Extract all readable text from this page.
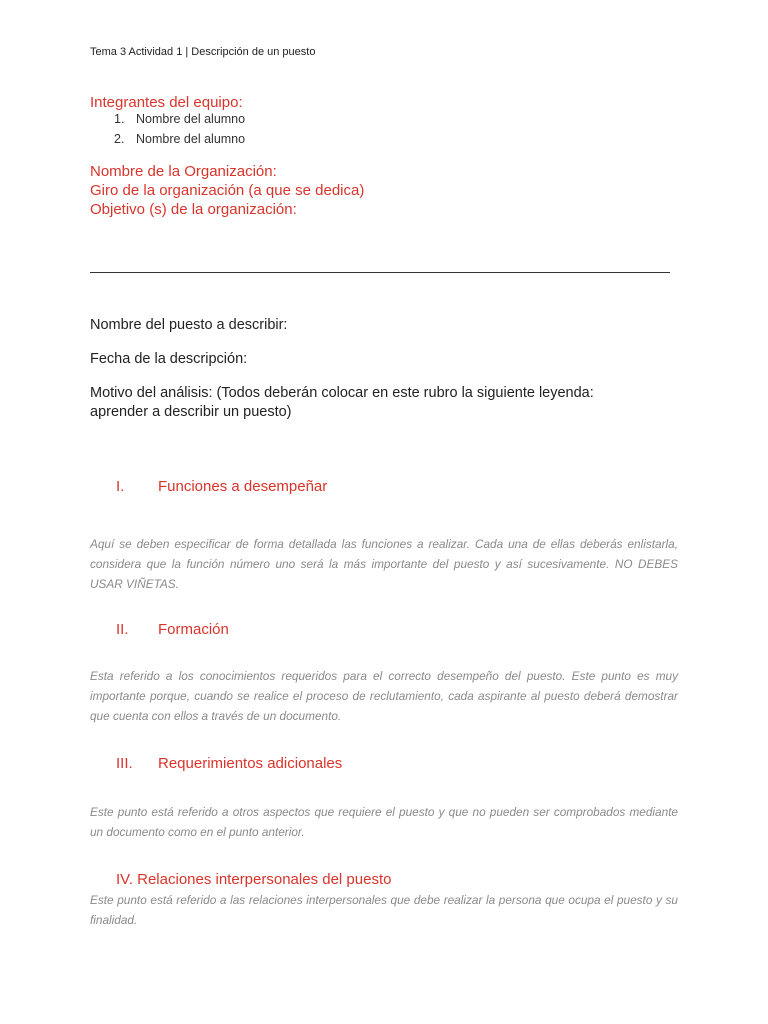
Tema 3 Actividad 1 | Descripción de un puesto
Integrantes del equipo:
1. Nombre del alumno
2. Nombre del alumno
Nombre de la Organización:
Giro de la organización (a que se dedica)
Objetivo (s) de la organización:
Nombre del puesto a describir:
Fecha de la descripción:
Motivo del análisis: (Todos deberán colocar en este rubro la siguiente leyenda:
aprender a describir un puesto)
I. Funciones a desempeñar
Aquí se deben especificar de forma detallada las funciones a realizar. Cada una de ellas deberás enlistarla, considera que la función número uno será la más importante del puesto y así sucesivamente. NO DEBES USAR VIÑETAS.
II. Formación
Esta referido a los conocimientos requeridos para el correcto desempeño del puesto. Este punto es muy importante porque, cuando se realice el proceso de reclutamiento, cada aspirante al puesto deberá demostrar que cuenta con ellos a través de un documento.
III. Requerimientos adicionales
Este punto está referido a otros aspectos que requiere el puesto y que no pueden ser comprobados mediante un documento como en el punto anterior.
IV. Relaciones interpersonales del puesto
Este punto está referido a las relaciones interpersonales que debe realizar la persona que ocupa el puesto y su finalidad.
